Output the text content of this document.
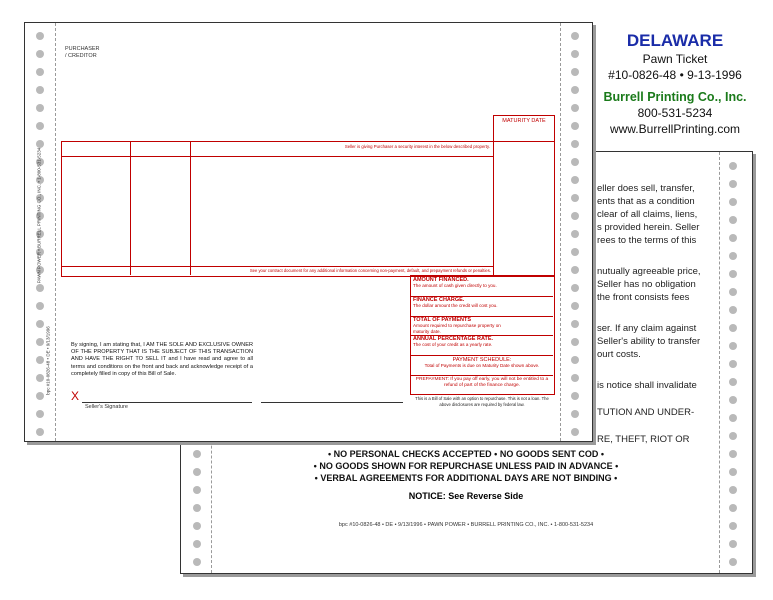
eller does sell, transfer,
ents that as a condition
clear of all claims, liens,
s provided herein. Seller
rees to the terms of this
nutually agreeable price,
Seller has no obligation
the front consists fees
ser. If any claim against
Seller's ability to transfer
ourt costs.
is notice shall invalidate
TUTION AND UNDER-
RE, THEFT, RIOT OR
• NO PERSONAL CHECKS ACCEPTED • NO GOODS SENT COD •
• NO GOODS SHOWN FOR REPURCHASE UNLESS PAID IN ADVANCE •
• VERBAL AGREEMENTS FOR ADDITIONAL DAYS ARE NOT BINDING •
NOTICE: See Reverse Side
bpc #10-0826-48 • DE • 9/13/1996 • PAWN POWER • BURRELL PRINTING CO., INC. • 1-800-531-5234
PURCHASER
/ CREDITOR
PAWN POWER • BURRELL PRINTING CO., INC. • 1-800-531-5234
bpc #10-0826-48 • DE • 9/13/1996
MATURITY DATE
Seller is giving Purchaser a security interest in the below described property.
See your contract document for any additional information concerning non-payment, default, and prepayment refunds or penalties.
AMOUNT FINANCED.
The amount of cash given directly to you.
FINANCE CHARGE.
The dollar amount the credit will cost you.
TOTAL OF PAYMENTS
Amount required to repurchase property on maturity date.
ANNUAL PERCENTAGE RATE.
The cost of your credit as a yearly rate.
PAYMENT SCHEDULE:
Total of Payments is due on Maturity Date shown above.
PREPAYMENT: If you pay off early, you will not be entitled to a refund of part of the finance charge.
This is a Bill of Sale with an option to repurchase. This is not a loan. The above disclosures are required by federal law.
By signing, I am stating that, I AM THE SOLE AND EXCLUSIVE OWNER OF THE PROPERTY THAT IS THE SUBJECT OF THIS TRANSACTION AND HAVE THE RIGHT TO SELL IT and I have read and agree to all terms and conditions on the front and back and acknowledge receipt of a completely filled in copy of this Bill of Sale.
X
Seller's Signature
DELAWARE
Pawn Ticket
#10-0826-48 • 9-13-1996
Burrell Printing Co., Inc.
800-531-5234
www.BurrellPrinting.com
